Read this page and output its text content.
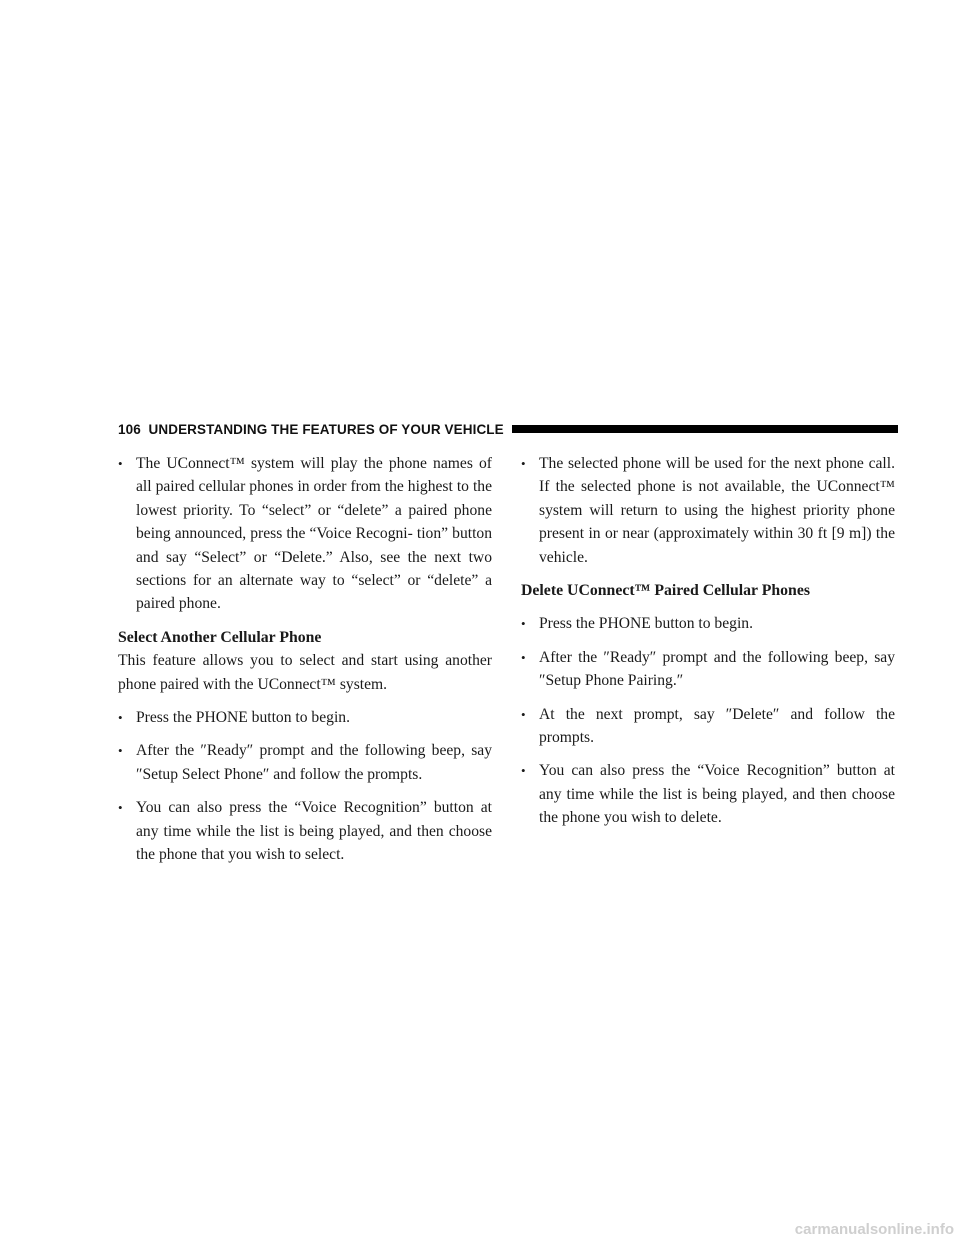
106 UNDERSTANDING THE FEATURES OF YOUR VEHICLE
• The UConnect™ system will play the phone names of all paired cellular phones in order from the highest to the lowest priority. To “select” or “delete” a paired phone being announced, press the “Voice Recogni- tion” button and say “Select” or “Delete.” Also, see the next two sections for an alternate way to “select” or “delete” a paired phone.
Select Another Cellular Phone
This feature allows you to select and start using another phone paired with the UConnect™ system.
• Press the PHONE button to begin.
• After the ″Ready″ prompt and the following beep, say ″Setup Select Phone″ and follow the prompts.
• You can also press the “Voice Recognition” button at any time while the list is being played, and then choose the phone that you wish to select.
• The selected phone will be used for the next phone call. If the selected phone is not available, the UConnect™ system will return to using the highest priority phone present in or near (approximately within 30 ft [9 m]) the vehicle.
Delete UConnect™ Paired Cellular Phones
• Press the PHONE button to begin.
• After the ″Ready″ prompt and the following beep, say ″Setup Phone Pairing.″
• At the next prompt, say ″Delete″ and follow the prompts.
• You can also press the “Voice Recognition” button at any time while the list is being played, and then choose the phone you wish to delete.
carmanualsonline.info
